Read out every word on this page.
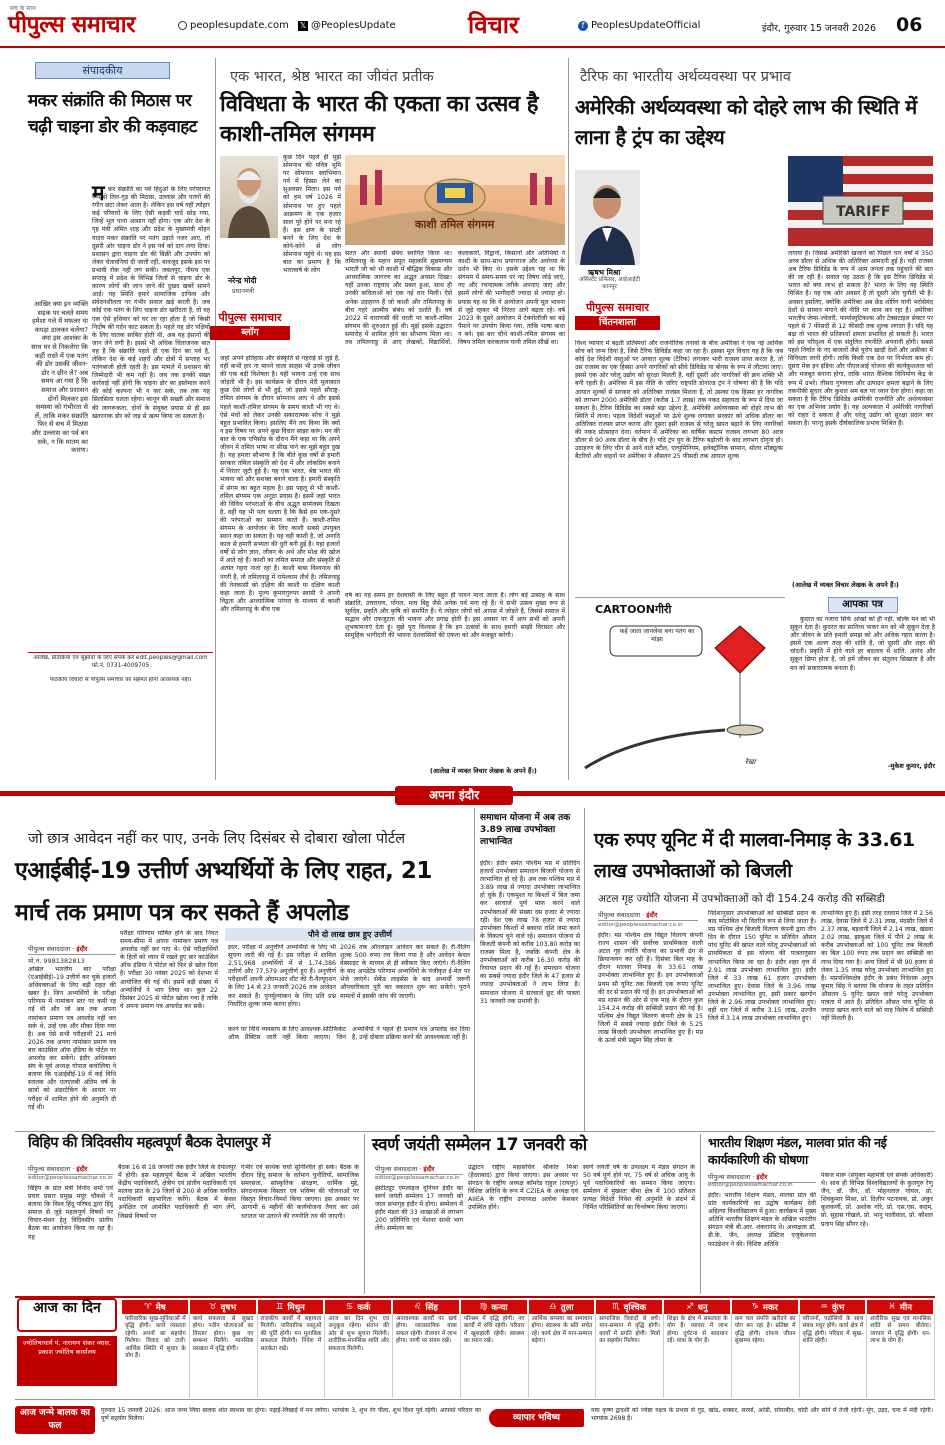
पीपुल्स समाचार
सच के साथ
peoplesupdate.com 𝕏 @PeoplesUpdate	विचार	f PeoplesUpdateOfficial	इंदौर, गुरुवार 15 जनवरी 2026 06
संपादकीय
मकर संक्रांति की मिठास पर चढ़ी चाइना डोर की कड़वाहट
म कर संक्रांति का पर्व हिंदुओं के लिए परंपरागत रूप से तिल-गुड़ की मिठास, उल्लास और पतंगों की रंगीन छटा लेकर आता है। लेकिन इस वर्ष यही त्योहार कई परिवारों के लिए ऐसी कड़वी यादें छोड़ गया, जिन्हें भूल पाना आसान नहीं होगा। एक ओर देश के गृह मंत्री अमित शाह और प्रदेश के मुख्यमंत्री मोहन यादव मकर संक्रांति पर पतंग उड़ाते नजर आए, तो दूसरी ओर चाइना डोर ने इस पर्व को दाग लगा दिया। प्रशासन द्वारा चाइना डोर की बिक्री और उपयोग को लेकर चेतावनियां दी जाती रहीं, बावजूद इसके इस पर प्रभावी रोक नहीं लग सकी। जबलपुर, नीमच एक सप्ताह में प्रदेश के विभिन्न जिलों से चाइना डोर के कारण लोगों की जान जाने की दुखद खबरें सामने आईं। यह स्थिति हमारे सामाजिक दायित्व और संवेदनशीलता पर गंभीर सवाल खड़े करती है। जब कोई एक पतंग के लिए चाइना डोर खरीदता है, तो वह एक ऐसे हथियार को घर ला रहा होता है जो किसी निर्दोष की गर्दन काट सकता है। पहले यह डोर पक्षियों के लिए घातक साबित होती थी, अब यह इंसानों की जान लेने लगी है। इससे भी अधिक चिंताजनक बात यह है कि संक्रांति पहले ही एक दिन का पर्व है, लेकिन देश के कई शहरों और क्षेत्रों में सप्ताह भर पतंगबाजी होती रहती है। इस मामले में प्रशासन की जिम्मेदारी भी कम नहीं है। जब तक इनकी सख्त कार्रवाई नहीं होगी कि चाइना डोर का इस्तेमाल करने की कोई कल्पना भी न कर सके, तब तक यह सिलसिला चलता रहेगा। कानून की सख्ती और समाज की जागरूकता, दोनों के संयुक्त प्रयास से ही इस खतरनाक डोर को जड़ से खत्म किया जा सकता है।
आखिर क्या इन व्यक्ति सड़क पर चलते समय हमेशा गले में मफलर या कपड़ा डालकर चलेगा? क्या इस आशंका के साथ घर से निकलेगा कि कहीं रास्ते में एक पतंग की डोर उसकी जीवन-डोर न छीन ले? अब समय आ गया है कि समाज और प्रशासन दोनों मिलकर इस समस्या को गंभीरता से लें, ताकि मकर संक्रांति फिर से सच में मिठास और उल्लास का पर्व बन सके, न कि मातम का कारण।
आलेख, प्रतिक्रिया एवं सुझावों के लिए संपर्क करें edit.peoples@gmail.com फो.नं. 0731-4009705
पाठकीय विचारों से पीपुल्स समाचार का सहमत होना आवश्यक नहीं।
एक भारत, श्रेष्ठ भारत का जीवंत प्रतीक
विविधता के भारत की एकता का उत्सव है काशी-तमिल संगमम
नरेन्द्र मोदी
प्रधानमंत्री
पीपुल्स समाचार
ब्लॉग
काशी तमिल संगमम
कुछ दिन पहले ही मुझे सोमनाथ की पवित्र भूमि पर सोमनाथ स्वाभिमान पर्व में हिस्सा लेने का सुअवसर मिला। इस पर्व को हम वर्ष 1026 में सोमनाथ पर हुए पहले आक्रमण के एक हजार साल पूरे होने पर मना रहे हैं। इस क्षण के साक्षी बनने के लिए देश के कोने-कोने से लोग सोमनाथ पहुंचे थे। यह इस बात का प्रमाण है कि भारतवर्ष के लोग
जहां अपने इतिहास और संस्कृति से गहराई से जुड़े हैं, वहीं कभी हार ना मानने वाला साहस भी उनके जीवन की एक बड़ी विशेषता है। यही भावना उन्हें एक साथ जोड़ती भी है। इस कार्यक्रम के दौरान मेरी मुलाकात कुछ ऐसे लोगों से भी हुई, जो इससे पहले सौराष्ट्र-तमिल संगमम के दौरान सोमनाथ आए थे और इससे पहले काशी-तमिल संगमम के समय काशी भी गए थे। ऐसे मंचों को लेकर उनकी सकारात्मक सोच ने मुझे बहुत प्रभावित किया। इसलिए मैंने तय किया कि क्यों न इस विषय पर अपने कुछ विचार साझा करूं। मन की बात के एक एपिसोड के दौरान मैंने कहा था कि अपने जीवन में तमिल भाषा ना सीख पाने का मुझे बहुत दुख है। यह हमारा सौभाग्य है कि बीते कुछ वर्षों से हमारी सरकार तमिल संस्कृति को देश में और लोकप्रिय बनाने में निरंतर जुटी हुई है। यह एक भारत, श्रेष्ठ भारत की भावना को और सशक्त बनाने वाला है। हमारी संस्कृति में संगम का बहुत महत्व है। इस पहलू से भी काशी-तमिल संगमम एक अनूठा प्रयास है। इसमें जहां भारत की विविध परंपराओं के बीच अद्भुत सामंजस्य दिखता है, वहीं यह भी पता चलता है कि कैसे हम एक-दूसरे की परंपराओं का सम्मान करते हैं। काशी-तमिल संगमम के आयोजन के लिए काशी सबसे उपयुक्त स्थान कहा जा सकता है। यह वही काशी है, जो अनादि काल से हमारी सभ्यता की धुरी बनी हुई है। यहां हजारों वर्षों से लोग ज्ञान, जीवन के अर्थ और मोक्ष की खोज में आते रहे हैं। काशी का तमिल समाज और संस्कृति से अत्यंत गहरा नाता रहा है। काशी बाबा विश्वनाथ की नगरी है, तो तमिलनाडु में रामेश्वरम तीर्थ है। तमिलनाडु की तेनकासी को दक्षिण की काशी या दक्षिण काशी कहा जाता है। पूज्य कुमारगुरुपर स्वामी ने अपनी विद्वता और आध्यात्मिक परंपरा के माध्यम से काशी और तमिलनाडु के बीच एक
सतत और स्थायी संबंध स्थापित किया था। तमिलनाडु के महान सपूत महाकवि सुब्रमण्यम भारती जी को भी काशी में बौद्धिक विकास और आध्यात्मिक जागरण का अद्भुत अवसर दिखा। यहीं उनका राष्ट्रवाद और प्रबल हुआ, साथ ही उनकी कविताओं को एक नई धार मिली। ऐसे अनेक उदाहरण हैं जो काशी और तमिलनाडु के बीच गहरे आत्मीय संबंध को दर्शाते हैं। वर्ष 2022 में वाराणसी की धरती पर काशी-तमिल संगमम की शुरुआत हुई थी। मुझे इसके उद्घाटन समारोह में शामिल होने का सौभाग्य मिला था। तब तमिलनाडु से आए लेखकों, विद्यार्थियों, कलाकारों, विद्वानों, किसानों और अतिथियों ने काशी के साथ-साथ प्रयागराज और अयोध्या के दर्शन भी किए थे। इसके उद्देश्य यह था कि संगमम में समय-समय पर नए विषय जोड़े जाएं, नए और रचनात्मक तरीके अपनाए जाएं और इसमें लोगों की भागीदारी ज्यादा से ज्यादा हो। प्रयास यह था कि ये आयोजन अपनी मूल भावना से जुड़े रहकर भी निरंतर आगे बढ़ता रहे। वर्ष 2023 के दूसरे आयोजन में टेक्नोलॉजी का बड़े पैमाने पर उपयोग किया गया, ताकि भाषा बाधा न बने। इस बार चौथे काशी-तमिल संगमम का विषय तमिल करकलाम यानी तमिल सीखें था।
वर्ष का यह समय हर देशवासी के लिए बहुत ही पावन माना जाता है। लोग बड़े उत्साह के साथ संक्रांति, उत्तरायण, पोंगल, माघ बिहू जैसे अनेक पर्व मना रहे हैं। ये सभी उत्सव मुख्य रूप से सूर्यदेव, प्रकृति और कृषि को समर्पित हैं। ये त्योहार लोगों को आपस में जोड़ते हैं, जिससे समाज में सद्भाव और एकजुटता की भावना और प्रगाढ़ होती है। इस अवसर पर मैं आप सभी को अपनी शुभकामनाएं देता हूं। मुझे पूरा विश्वास है कि इन उत्सवों के साथ हमारी साझी विरासत और सामूहिक भागीदारी की भावना देशवासियों की एकता को और मजबूत करेगी।
(आलेख में व्यक्त विचार लेखक के अपने हैं।)
टैरिफ का भारतीय अर्थव्यवस्था पर प्रभाव
अमेरिकी अर्थव्यवस्था को दोहरे लाभ की स्थिति में लाना है ट्रंप का उद्देश्य
ऋषभ मिश्रा
असिस्टेंट प्रोफेसर, आईआईटी कानपुर
पीपुल्स समाचार
चिंतनशाला
TARIFF
विश्व व्यापार में बढ़ती प्रतिस्पर्धा और राजनीतिक तनावों के बीच अमेरिका ने एक नई आर्थिक सोच को जन्म दिया है, जिसे टैरिफ डिविडेंड कहा जा रहा है। इसका मूल विचार यह है कि जब कोई देश विदेशी वस्तुओं पर आयात शुल्क (टैरिफ) लगाकर भारी राजस्व प्राप्त करता है, तो उस राजस्व का एक हिस्सा अपने नागरिकों को सीधे डिविडेंड या बोनस के रूप में लौटाया जाए। इससे एक ओर घरेलू उद्योग को सुरक्षा मिलती है, वहीं दूसरी ओर नागरिकों की क्रय शक्ति भी बनी रहती है। अमेरिका में इस नीति के जरिए राष्ट्रपति डोनाल्ड ट्रंप ने घोषणा की है कि यदि आयात शुल्कों से सरकार को अतिरिक्त राजस्व मिलता है, तो उसका एक हिस्सा हर नागरिक को लगभग 2000 अमेरिकी डॉलर (करीब 1.7 लाख) तक नकद सहायता के रूप में दिया जा सकता है। टैरिफ डिविडेंड का सबसे बड़ा उद्देश्य है, अमेरिकी अर्थव्यवस्था को दोहरे लाभ की स्थिति में लाना। पहला विदेशी वस्तुओं पर ऊंचे शुल्क लगाकर सरकार को अधिक डॉलर का अतिरिक्त राजस्व प्राप्त करना और दूसरा इसी राजस्व से घरेलू खपत बढ़ाने के लिए नागरिकों की नकद प्रोत्साहन देना। वर्तमान में अमेरिका का वार्षिक कस्टम राजस्व लगभग 80 अरब डॉलर से 90 अरब डॉलर के बीच है। यदि ट्रंप युग के टैरिफ बढ़ोतरी के बाद लगभग दोगुना हो। उदाहरण के लिए चीन से आने वाले स्टील, एल्युमिनियम, इलेक्ट्रॉनिक सामान, सोलर मॉड्यूल्स बैटरियों और वाहनों पर अमेरिका ने औसतन 25 फीसदी तक आयात शुल्क
लगाया है। जिससे अमेरिकी खजाने को पिछले चार वर्षों में 350 अरब डॉलर से अधिक की अतिरिक्त आमदनी हुई है। यही राजस्व अब टैरिफ डिविडेंड के रूप में आम जनता तक पहुंचाने की बात की जा रही है। सवाल यह उठता है कि इस टैरिफ डिविडेंड से भारत को क्या लाभ हो सकता है? भारत के लिए यह स्थिति मिश्रित है। यह एक ओर अवसर है तो दूसरी ओर चुनौती भी है। अवसर इसलिए, क्योंकि अमेरिका अब फ्रेंड शोरिंग यानी भरोसेमंद देशों से सामान मंगाने की नीति पर काम कर रहा है। अमेरिका भारतीय जेम्स-ज्वेलरी, फार्मास्युटिकल्स और टेक्सटाइल सेक्टर पर पहले से 7 फीसदी से 12 फीसदी तक शुल्क लगाता है। यदि यह बढ़ा तो भारत की प्रतिस्पर्धा क्षमता प्रभावित हो सकती है। भारत को इस परिदृश्य में एक संतुलित रणनीति अपनानी होगी। सबसे पहले निर्यात के नए बाजारों जैसे यूरोप खाड़ी देशों और अफ्रीका में विविधता लानी होगी। ताकि किसी एक देश पर निर्भरता कम हो। दूसरा मेक इन इंडिया और पीएलआई योजना की कार्यकुशलता को और मजबूत बनाना होगा, ताकि भारत वैश्विक विनिर्माण केंद्र के रूप में उभरे। तीसरा गुणवत्ता और उत्पादन क्षमता बढ़ाने के लिए तकनीकी सुधार और कुशल श्रम बल पर ध्यान देना होगा। कहा जा सकता है कि टैरिफ डिविडेंड अमेरिकी राजनीति और अर्थव्यवस्था का एक अभिनव प्रयोग है। यह अल्पकाल में अमेरिकी नागरिकों को राहत दे सकता है और घरेलू उद्योग को सुरक्षा प्रदान कर सकता है। परन्तु इसके दीर्घकालिक प्रभाव मिश्रित हैं।
(आलेख में व्यक्त विचार लेखक के अपने हैं।)
CARTOONगीरी
कहें जाता जानलेवा बना पतंग का मांझा
रेखा
आपका पत्र
कुदरत का नजारा सिर्फ आंखों को ही नहीं, बल्कि मन को भी सुकून देता है। कुदरत का सानिध्य पाकर मन को भी सुकून देता है और जीवन के प्रति हमारी समझ को और अधिक गहरा करता है। इसमें एक अलग तरह की शांति है, जो दूसरी और शहर की चांदनी। प्रकृति में होने वाले हर बदलाव में शांति, आनंद और सुकून छिपा होता है, जो हमें जीवन का संतुलन सिखाता है और मन को सकारात्मक बनाता है।
-मुकेश कुमार, इंदौर
अपना इंदौर
जो छात्र आवेदन नहीं कर पाए, उनके लिए दिसंबर से दोबारा खोला पोर्टल
एआईबीई-19 उत्तीर्ण अभ्यर्थियों के लिए राहत, 21 मार्च तक प्रमाण पत्र कर सकते हैं अपलोड
पीपुल्स संवाददाता · इंदौर
मो.नं. 9981382813
अखिल भारतीय बार परीक्षा (एआईबीई)-19 उत्तीर्ण कर चुके हजारों अधिवक्ताओं के लिए बड़ी राहत की खबर है। जिन अभ्यर्थियों के परीक्षा परिणाम में नामांकन स्तर पर कमी रह गई थी और जो अब तक अपना नामांकन प्रमाण पत्र अपलोड नहीं कर सके थे, उन्हें एक और मौका दिया गया है। अब ऐसे सभी परीक्षार्थी 21 मार्च 2026 तक अपना नामांकन प्रमाण पत्र बार काउंसिल ऑफ इंडिया के पोर्टल पर अपलोड कर सकेंगे। इंदौर अधिवक्ता संघ के पूर्व अध्यक्ष गोपाल कचोलिया ने बताया कि एआईबीई-19 में कई विधि स्नातक और एलएलबी अंतिम वर्ष के छात्रों को अंडरटेकिंग के आधार पर परीक्षा में शामिल होने की अनुमति दी गई थी।
परीक्षा परिणाम घोषित होने के बाद नियत समय-सीमा में अपना नामांकन प्रमाण पत्र अपलोड नहीं कर पाए थे। ऐसे परीक्षार्थियों के हितों को ध्यान में रखते हुए बार काउंसिल ऑफ इंडिया ने पोर्टल को फिर से खोल दिया है। परीक्षा 30 नवंबर 2025 को देशभर में आयोजित की गई थी। इसमें बड़ी संख्या में अभ्यर्थियों ने भाग लिया था। कुल 22 दिसंबर 2025 से पोर्टल खोला गया है ताकि वे अपना प्रमाण पत्र अपलोड कर सकें।
पौने दो लाख छात्र हुए उत्तीर्ण
इधर, परीक्षा में अनुत्तीर्ण अभ्यर्थियों के लिए भी सूचना जारी की गई है। इस परीक्षा में शामिल 2,51,968 अभ्यर्थियों में से 1,74,386 उत्तीर्ण और 77,579 अनुत्तीर्ण हुए हैं। अनुत्तीर्ण परीक्षार्थी अपनी ओएमआर शीट की री-वैल्यूएशन के लिए 14 से 23 जनवरी 2026 तक आवेदन कर सकते हैं। पुनर्मूल्यांकन के लिए प्रति प्रश्न निर्धारित शुल्क जमा करना होगा।
2026 तक ऑनलाइन आवेदन कर सकते हैं। री-वैलिंग शुल्क 500 रुपए तय किया गया है और आवेदन केवल वेबसाइट के माध्यम से ही स्वीकार किए जाएंगे। री-वैलिंग के बाद अपडेटेड परिणाम अभ्यर्थियों के पंजीकृत ई-मेल पर भेजे जाएंगे। सेकेंड लाइसेंस के बाद अभ्यर्थी जरूरी औपचारिकता पूरी कर वकालत शुरू कर सकेंगे। पुराने मामलों में इसकी जांच की जाएगी।
करने पर विधि व्यवसाय के लिए आवश्यक सर्टिफिकेट ऑफ प्रैक्टिस जारी नहीं किया जाएगा। जिन अभ्यर्थियों ने पहले ही प्रमाण पत्र अपलोड कर दिया है, उन्हें दोबारा प्रक्रिया करने की आवश्यकता नहीं है।
समाधान योजना में अब तक 3.89 लाख उपभोक्ता लाभान्वित
इंदौर। इंदौर समेत पश्चिम मप्र में प्रतिदिन हजारों उपभोक्ता समाधान बिजली योजना से लाभान्वित हो रहे हैं। अब तक पश्चिम मप्र में 3.89 लाख से ज्यादा उपभोक्ता लाभान्वित हो चुके हैं। एकमुश्त या किश्तों में बिल जमा कर सरचार्ज पूर्ण माफ करने वाले उपभोक्ताओं की संख्या दस हजार से ज्यादा रही। देश एक लाख 78 हजार से ज्यादा उपभोक्ता किश्तों में बकाया राशि जमा करने के विकल्प चुने वाले रहे। समाधान योजना से बिजली कंपनी को करीब 103.80 करोड़ का राजस्व मिला है, जबकि कंपनी क्षेत्र के उपभोक्ताओं को करीब 16.30 करोड़ की रियायत प्रदान की गई है। समाधान योजना का सबसे ज्यादा इंदौर जिले के 47 हजार से ज्यादा उपभोक्ताओं ने लाभ लिया है। समाधान योजना में सरचार्ज छूट की पात्रता 31 जनवरी तक प्रभावी है।
एक रुपए यूनिट में दी मालवा-निमाड़ के 33.61 लाख उपभोक्ताओं को बिजली
अटल गृह ज्योति योजना में उपभोक्ताओं को दी 154.24 करोड़ की सब्सिडी
पीपुल्स संवाददाता · इंदौर
editor@peoplessamachar.co.in
इंदौर। मप्र पश्चिम क्षेत्र विद्युत वितरण कंपनी राज्य शासन की सर्वोच्च प्राथमिकता वाली अटल गृह ज्योति योजना का प्रभावी ढंग से क्रियान्वयन कर रही है। दिसंबर बिल माह के दौरान मालवा निमाड़ के 33.61 लाख उपभोक्ता लाभान्वित हुए हैं। इन उपभोक्ताओं प्रथम सौ यूनिट तक बिजली एक रूपए यूनिट की दर से प्रदान की गई है। इन उपभोक्ताओं को मप्र शासन की ओर से एक माह के दौरान कुल 154.24 करोड़ की सब्सिडी प्रदान की गई है। पश्चिम क्षेत्र विद्युत वितरण कंपनी क्षेत्र के 15 जिलों में सबसे ज्यादा इंदौर जिले के 5.25 लाख बिजली उपभोक्ता लाभान्वित हुए हैं। मप्र के ऊर्जा मंत्री प्रद्युम्न सिंह तोमर के
निर्देशानुसार उपभोक्ताओं को सब्सिडी प्रदान के बाद फोटोबिल भी वितरित रूप से लिया जाता है। मप्र पश्चिम क्षेत्र बिजली वितरण कंपनी द्वारा तीन दिन के दौरान 150 यूनिट व प्रतिदिन औसत पांच यूनिट की खपत वाले घरेलू उपभोक्ताओं को प्राथमिकता से इस योजना की पात्रतानुसार लाभान्वित किया जा रहा है। इंदौर शहर वृत्त में 2.91 लाख उपभोक्ता लाभान्वित हुए। इंदौर जिले में 33 लाख 61 हजार उपभोक्ता लाभान्वित हुए। देवास जिले के 3.96 लाख उपभोक्ता लाभान्वित हुए, इसी प्रकार खरगोन जिले के 2.96 लाख उपभोक्ता लाभान्वित हुए। वहीं धार जिले में करीब 3.15 लाख, उज्जैन जिले में 3.14 लाख उपभोक्ता लाभान्वित हुए।
लाभान्वित हुए हैं। इसी तरह रतलाम जिले में 2.56 लाख, देवास जिले में 2.31 लाख, मंदसौर जिले में 2.37 लाख, बड़वानी जिले में 2.14 लाख, खंडवा 2.02 लाख, झाबुआ जिले में पौने 2 लाख के करीब उपभोक्ताओं को 100 यूनिट तक बिजली का बिल 100 रुपए तक प्रदान कर सब्सिडी का लाभ दिया गया है। अन्य जिलों में भी 90 हजार से लेकर 1.35 लाख घरेलू उपभोक्ता लाभान्वित हुए हैं। मप्रपश्चिमक्षेत्र इंदौर के प्रबंध निदेशक अनूप कुमार सिंह ने बताया कि योजना के तहत प्रतिदिन औसतन 5 यूनिट खपत वाले घरेलू उपभोक्ता पात्रता में आते हैं। प्रतिदिन औसत पांच यूनिट से ज्यादा खपत करने वाले को माह विशेष में सब्सिडी नहीं मिलती है।
विहिप की त्रिदिवसीय महत्वपूर्ण बैठक देपालपुर में
पीपुल्स संवाददाता · इंदौर
editor@peoplessamachar.co.in
विहिप के प्रांत मंत्री विनोद शर्मा एवं प्रचार प्रसार प्रमुख मयूर चौकसे ने बताया कि विश्व हिंदू परिषद द्वारा हिंदू समाज से जुड़े महत्वपूर्ण विषयों पर विचार-मंथन हेतु त्रिदिवसीय प्रांतीय बैठक का आयोजन किया जा रहा है। यह
बैठक 16 से 18 जनवरी तक इंदौर जिले के देपालपुर में होगी। इस महत्वपूर्ण बैठक में अखिल भारतीय केंद्रीय पदाधिकारी, क्षेत्रीय एवं प्रांतीय पदाधिकारी एवं मालवा प्रांत के 29 जिलों से 200 से अधिक चयनित पदाधिकारी सहभागिता करेंगे। बैठक में केवल अपेक्षित एवं आमंत्रित पदाधिकारी ही भाग लेंगे, जिससे विषयों पर
गंभीर एवं सार्थक चर्चा सुनिश्चित हो सके। बैठक के दौरान हिंदू समाज के वर्तमान चुनौतियों, सामाजिक समरसता, सांस्कृतिक संरक्षण, धार्मिक मुद्दे, संगठनात्मक विस्तार एवं भविष्य की योजनाओं पर विस्तृत विचार-विमर्श किया जाएगा। इस अवसर पर आगामी 6 महीनों की कार्ययोजना तैयार कर उसे धरातल पर उतारने की रणनीति तय की जाएगी।
स्वर्ण जयंती सम्मेलन 17 जनवरी को
पीपुल्स संवाददाता · इंदौर
editor@peoplessamachar.co.in
इंस्टीट्यूट एम्प्लाइज यूनियन इंदौर का स्वर्ण जयंती सम्मेलन 17 जनवरी को जाल सभागृह इंदौर में होगा। सम्मेलन में इंदौर मंडल की 33 शाखाओं से लगभग 200 प्रतिनिधि एवं पेंशनर साथी भाग लेंगे। सम्मेलन का
उद्घाटन राष्ट्रीय महासचिव श्रीकांत मिश्रा (हैदराबाद) द्वारा किया जाएगा। इस अवसर पर संगठन के राष्ट्रीय अध्यक्ष कॉमरेड राहुल (रायपुर) विशिष्ट अतिथि के रूप में CZIEA के अध्यक्ष एवं AIIEA के राष्ट्रीय उपाध्यक्ष अलोक केसकर उपस्थित होंगे।
स्वर्ण जयंती वर्ष के उपलक्ष्य में मंडल संगठन के 50 वर्ष पूर्ण होने पर, 75 वर्ष से अधिक आयु के पूर्व पदाधिकारियों का सम्मान किया जाएगा। सम्मेलन में मुख्यतः बीमा क्षेत्र में 100 प्रतिशत प्रत्यक्ष विदेशी निवेश की अनुमति के संदर्भ में निर्मित परिस्थितियों का विश्लेषण किया जाएगा।
भारतीय शिक्षण मंडल, मालवा प्रांत की नई कार्यकारिणी की घोषणा
पीपुल्स संवाददाता · इंदौर
editor@peoplessamachar.co.in
इंदौर। भारतीय शिक्षण मंडल, मालवा प्रांत की प्रांत कार्यकारिणी का उद्घोष कार्यक्रम देवी अहिल्या विश्वविद्यालय में हुआ। कार्यक्रम में मुख्य अतिथि भारतीय शिक्षण मंडल के अखिल भारतीय संगठन मंत्री बी.आर. शंकरानंद थे। अध्यक्षता डॉ. डी.के. जैन, अध्यक्ष प्रेस्टिज एजुकेशनल फाउंडेशन ने की। विशिष्ट अतिथि
पंकज मारू (संयुक्त महामंत्री एवं संपर्क अधिकारी) थे। साथ ही विभिन्न विश्वविद्यालयों के कुलगुरु रेणु जैन, डॉ. जैन, डॉ. मोहनलाल गोयल, प्रो. शिवकुमार मिश्रा, प्रो. दिलीप पटनायक, प्रो. अंकुर कुलकर्णी, प्रो. अशोक गोरे, प्रो. एस.एस. कदम, प्रो. सुहास गोखले, प्रो. भानु पालीवाल, प्रो. कौशल प्रताप सिंह सौंगर रहे।
आज का दिन
ज्योतिषाचार्य पं. नारायण शंकर व्यास, प्रकाश ज्योतिष कार्यालय
♈ मेष
पारिवारिक सुख-सुविधाओं में वृद्धि होगी। कार्य व्यस्तता रहेगी। अपनों का सहयोग मिलेगा। विवाद को टालें। आर्थिक स्थिति में सुधार के योग हैं।
♉ वृषभ
कार्य सफलता से सुखद होगा। नवीन योजनाओं का विस्तार होगा। कुछ नए सम्बन्ध मिलेंगे। मानसिक प्रसन्नता में वृद्धि होगी।
♊ मिथुन
राजकीय कार्यों में सहायता मिलेगी। पारिवारिक वस्तुओं की पूर्ति होगी। मन मुताबिक सफलता मिलेगी। निवेश में सतर्कता रखें।
♋ कर्क
आज का दिन शुभ एवं अनुकूल रहेगा। संतान की ओर से शुभ सूचना मिलेगी। शारीरिक-मानसिक शांति और सफलता मिलेगी।
♌ सिंह
अनावश्यक कार्यों पर खर्च होगा। व्यावसायिक यात्रा सफल रहेगी। रोजगार में लाभ होगा। वाणी पर संयम रखें।
♍ कन्या
परिश्रम में वृद्धि होगी। नए कार्यों में रुचि रहेगी। परिवार में खुशहाली रहेगी। स्वास्थ्य का ध्यान रखें।
♎ तुला
आर्थिक समस्या का समाधान होगा। स्वास्थ्य के प्रति सचेत रहें। कार्य क्षेत्र में मान-सम्मान बढ़ेगा।
♏ वृश्चिक
सामाजिक विवादों से बचें। मान-सम्मान में वृद्धि होगी। कार्यों में प्रगति होगी। मित्रों का सहयोग मिलेगा।
♐ धनु
शिक्षा के क्षेत्र में सफलता के योग हैं। व्यापार में लाभ होगा। दुर्घटना से सावधान रहें। यात्रा के योग हैं।
♑ मकर
कम चल संपत्ति खरीदने का योग बन रहा है। प्रतिष्ठा में वृद्धि होगी। दांपत्य जीवन सुखमय रहेगा।
♒ कुंभ
परिजनों, पड़ोसियों के साथ संबंध मधुर होंगे। कार्य क्षेत्र में वृद्धि होगी। परिवार में सुख-शांति रहेगी।
♓ मीन
शारीरिक सुख एवं मानसिक शांति से समय बीतेगा। व्यापार में वृद्धि होगी। धन-लाभ के योग हैं।
आज जन्मे बालक का फल
गुरुवार 15 जनवरी 2026: आज जन्म लिया बालक शांत स्वभाव का होगा। पढ़ाई-लिखाई में मन लगेगा। भाग्यांक 3, शुभ रंग पीला, शुभ दिशा पूर्व रहेगी। आपको परिवार का पूर्ण सहयोग मिलेगा।	व्यापार भविष्य
माघ कृष्ण द्वादशी को ज्येष्ठा नक्षत्र के प्रभाव से गुड़, खांड, शक्कर, सरसों, अरंडी, सोयाबीन, चांदी और सोने में तेजी रहेगी। मूंग, उड़द, चना में मंदी रहेगी। भाग्यांक 2698 है।
